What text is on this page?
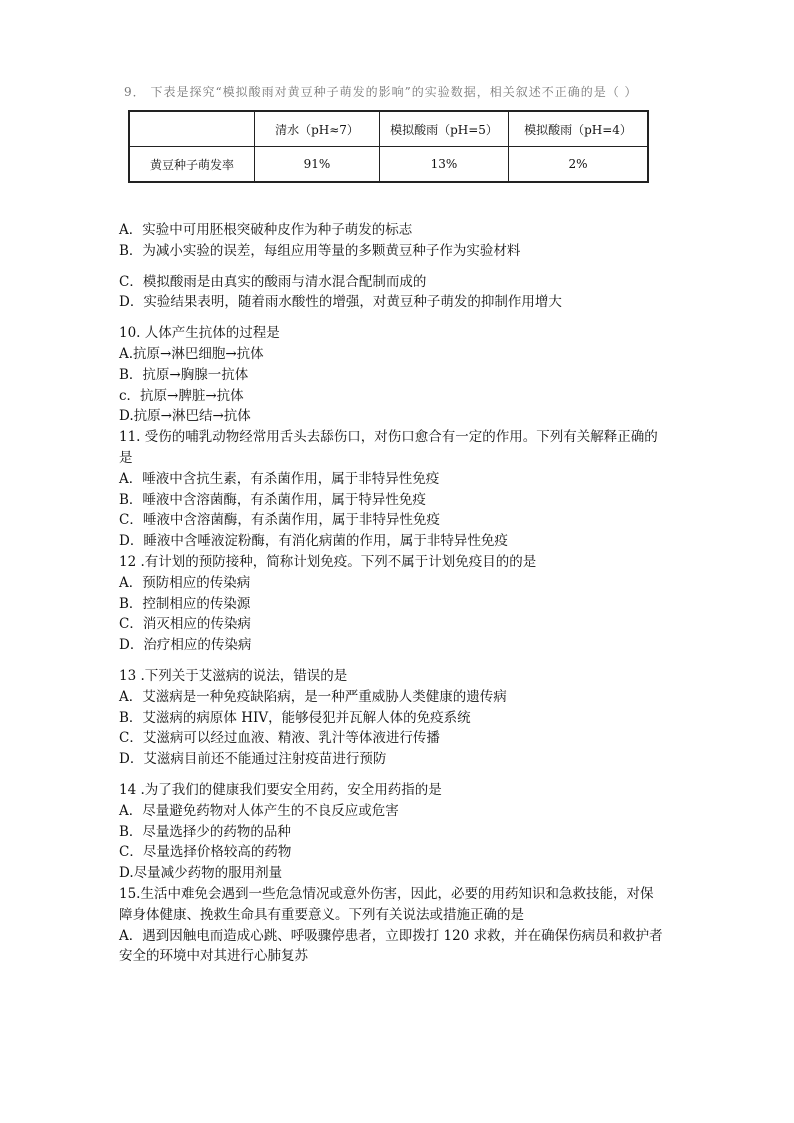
9． 下表是探究“模拟酸雨对黄豆种子萌发的影响”的实验数据，相关叙述不正确的是（ ）
	清水（pH≈7）	模拟酸雨（pH=5）	模拟酸雨（pH=4）
黄豆种子萌发率	91%	13%	2%
A．实验中可用胚根突破种皮作为种子萌发的标志
B．为减小实验的误差，每组应用等量的多颗黄豆种子作为实验材料
C．模拟酸雨是由真实的酸雨与清水混合配制而成的
D．实验结果表明，随着雨水酸性的增强，对黄豆种子萌发的抑制作用增大
10. 人体产生抗体的过程是
A.抗原→淋巴细胞→抗体
B．抗原→胸腺一抗体
c．抗原→脾脏→抗体
D.抗原→淋巴结→抗体
11. 受伤的哺乳动物经常用舌头去舔伤口，对伤口愈合有一定的作用。下列有关解释正确的
是
A．唾液中含抗生素，有杀菌作用，属于非特异性免疫
B．唾液中含溶菌酶，有杀菌作用，属于特异性免疫
C．唾液中含溶菌酶，有杀菌作用，属于非特异性免疫
D．睡液中含唾液淀粉酶，有消化病菌的作用，属于非特异性免疫
12 .有计划的预防接种，简称计划免疫。下列不属于计划免疫目的的是
A．预防相应的传染病
B．控制相应的传染源
C．消灭相应的传染病
D．治疗相应的传染病
13 .下列关于艾滋病的说法，错误的是
A．艾滋病是一种免疫缺陷病，是一种严重威胁人类健康的遗传病
B．艾滋病的病原体 HIV，能够侵犯并瓦解人体的免疫系统
C．艾滋病可以经过血液、精液、乳汁等体液进行传播
D．艾滋病目前还不能通过注射疫苗进行预防
14 .为了我们的健康我们要安全用药，安全用药指的是
A．尽量避免药物对人体产生的不良反应或危害
B．尽量选择少的药物的品种
C．尽量选择价格较高的药物
D.尽量减少药物的服用剂量
15.生活中难免会遇到一些危急情况或意外伤害，因此，必要的用药知识和急救技能，对保
障身体健康、挽救生命具有重要意义。下列有关说法或措施正确的是
A．遇到因触电而造成心跳、呼吸骤停患者，立即拨打 120 求救，并在确保伤病员和救护者
安全的环境中对其进行心肺复苏
